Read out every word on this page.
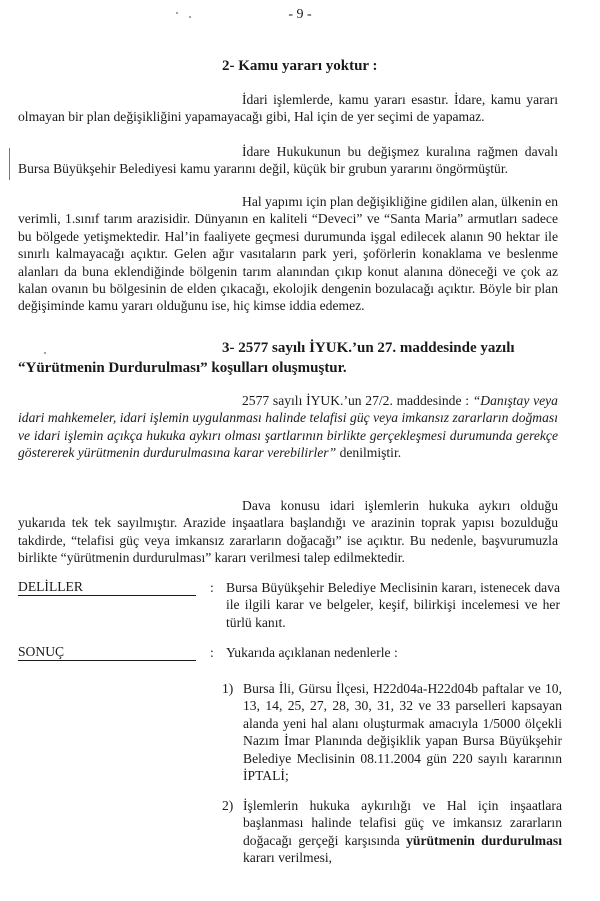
- 9 -
2- Kamu yararı yoktur :

İdari işlemlerde, kamu yararı esastır. İdare, kamu yararı olmayan bir plan değişikliğini yapamayacağı gibi, Hal için de yer seçimi de yapamaz.

İdare Hukukunun bu değişmez kuralına rağmen davalı Bursa Büyükşehir Belediyesi kamu yararını değil, küçük bir grubun yararını öngörmüştür.

Hal yapımı için plan değişikliğine gidilen alan, ülkenin en verimli, 1.sınıf tarım arazisidir. Dünyanın en kaliteli “Deveci” ve “Santa Maria” armutları sadece bu bölgede yetişmektedir. Hal’in faaliyete geçmesi durumunda işgal edilecek alanın 90 hektar ile sınırlı kalmayacağı açıktır. Gelen ağır vasıtaların park yeri, şoförlerin konaklama ve beslenme alanları da buna eklendiğinde bölgenin tarım alanından çıkıp konut alanına döneceği ve çok az kalan ovanın bu bölgesinin de elden çıkacağı, ekolojik dengenin bozulacağı açıktır. Böyle bir plan değişiminde kamu yararı olduğunu ise, hiç kimse iddia edemez.

3- 2577 sayılı İYUK.’un 27. maddesinde yazılı
“Yürütmenin Durdurulması” koşulları oluşmuştur.

2577 sayılı İYUK.’un 27/2. maddesinde : “Danıştay veya idari mahkemeler, idari işlemin uygulanması halinde telafisi güç veya imkansız zararların doğması ve idari işlemin açıkça hukuka aykırı olması şartlarının birlikte gerçekleşmesi durumunda gerekçe göstererek yürütmenin durdurulmasına karar verebilirler” denilmiştir.

Dava konusu idari işlemlerin hukuka aykırı olduğu yukarıda tek tek sayılmıştır. Arazide inşaatlara başlandığı ve arazinin toprak yapısı bozulduğu takdirde, “telafisi güç veya imkansız zararların doğacağı” ise açıktır. Bu nedenle, başvurumuzla birlikte “yürütmenin durdurulması” kararı verilmesi talep edilmektedir.

DELİLLER	: Bursa Büyükşehir Belediye Meclisinin kararı, istenecek dava ile ilgili karar ve belgeler, keşif, bilirkişi incelemesi ve her türlü kanıt.
SONUÇ	: Yukarıda açıklanan nedenlerle :
1) Bursa İli, Gürsu İlçesi, H22d04a-H22d04b paftalar ve 10, 13, 14, 25, 27, 28, 30, 31, 32 ve 33 parselleri kapsayan alanda yeni hal alanı oluşturmak amacıyla 1/5000 ölçekli Nazım İmar Planında değişiklik yapan Bursa Büyükşehir Belediye Meclisinin 08.11.2004 gün 220 sayılı kararının İPTALİ;
2) İşlemlerin hukuka aykırılığı ve Hal için inşaatlara başlanması halinde telafisi güç ve imkansız zararların doğacağı gerçeği karşısında yürütmenin durdurulması kararı verilmesi,
